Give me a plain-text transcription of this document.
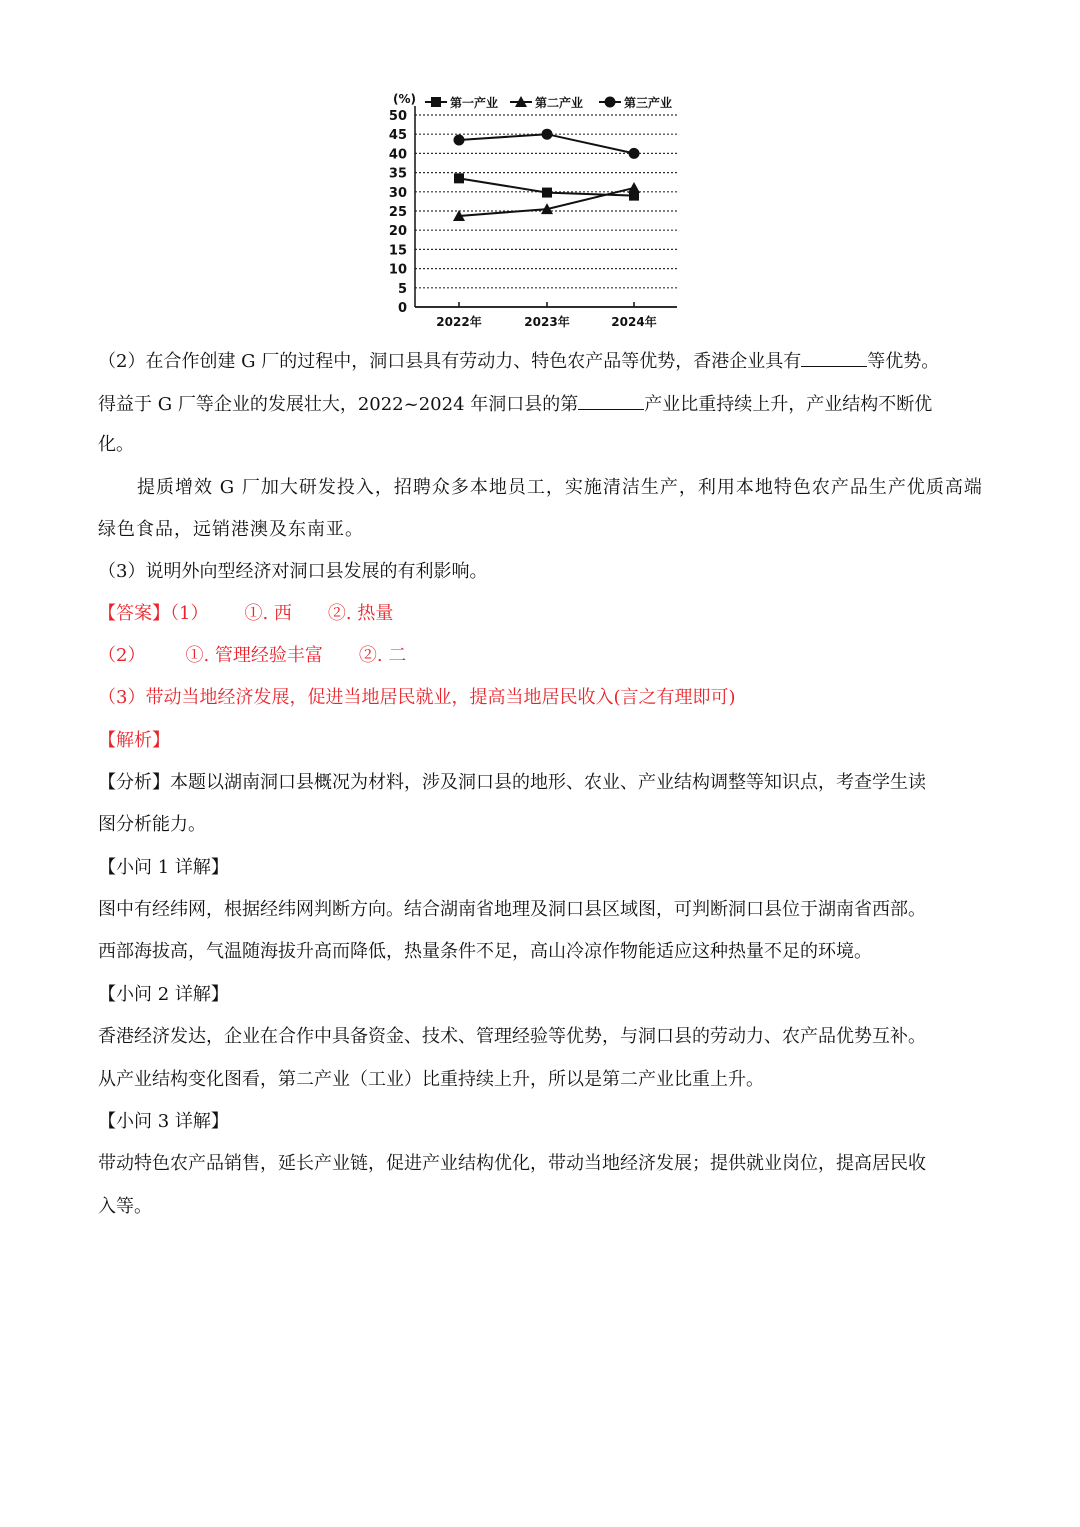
0
5
10
15
20
25
30
35
40
45
50
(%)
2022年	2023年	2024年
第一产业	第二产业	第三产业
（2）在合作创建 G 厂的过程中，洞口县具有劳动力、特色农产品等优势，香港企业具有	等优势。
得益于 G 厂等企业的发展壮大，2022~2024 年洞口县的第	产业比重持续上升，产业结构不断优
化。
提质增效 G 厂加大研发投入，招聘众多本地员工，实施清洁生产，利用本地特色农产品生产优质高端
绿色食品，远销港澳及东南亚。
（3）说明外向型经济对洞口县发展的有利影响。
【答案】（1） ①. 西 ②. 热量
（2） ①. 管理经验丰富 ②. 二
（3）带动当地经济发展，促进当地居民就业，提高当地居民收入(言之有理即可)
【解析】
【分析】本题以湖南洞口县概况为材料，涉及洞口县的地形、农业、产业结构调整等知识点，考查学生读
图分析能力。
【小问 1 详解】
图中有经纬网，根据经纬网判断方向。结合湖南省地理及洞口县区域图，可判断洞口县位于湖南省西部。
西部海拔高，气温随海拔升高而降低，热量条件不足，高山冷凉作物能适应这种热量不足的环境。
【小问 2 详解】
香港经济发达，企业在合作中具备资金、技术、管理经验等优势，与洞口县的劳动力、农产品优势互补。
从产业结构变化图看，第二产业（工业）比重持续上升，所以是第二产业比重上升。
【小问 3 详解】
带动特色农产品销售，延长产业链，促进产业结构优化，带动当地经济发展；提供就业岗位，提高居民收
入等。
